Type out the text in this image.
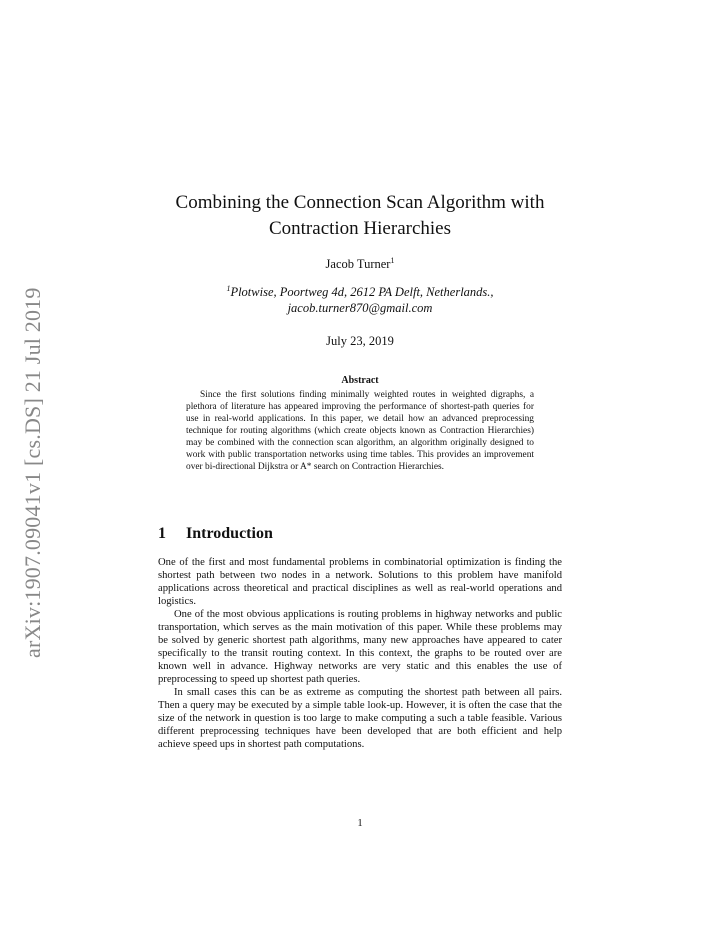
arXiv:1907.09041v1 [cs.DS] 21 Jul 2019
Combining the Connection Scan Algorithm with
Contraction Hierarchies
Jacob Turner$^1$
$^1$Plotwise, Poortweg 4d, 2612 PA Delft, Netherlands.,
jacob.turner870@gmail.com
July 23, 2019
Abstract
Since the first solutions finding minimally weighted routes in weighted digraphs, a plethora of literature has appeared improving the performance of shortest-path queries for use in real-world applications. In this paper, we detail how an advanced preprocessing technique for routing algorithms (which create objects known as Contraction Hierarchies) may be combined with the connection scan algorithm, an algorithm originally designed to work with public transportation networks using time tables. This provides an improvement over bi-directional Dijkstra or A* search on Contraction Hierarchies.
1 Introduction

One of the first and most fundamental problems in combinatorial optimization is finding the shortest path between two nodes in a network. Solutions to this problem have manifold applications across theoretical and practical disciplines as well as real-world operations and logistics.

One of the most obvious applications is routing problems in highway networks and public transportation, which serves as the main motivation of this paper. While these problems may be solved by generic shortest path algorithms, many new approaches have appeared to cater specifically to the transit routing context. In this context, the graphs to be routed over are known well in advance. Highway networks are very static and this enables the use of preprocessing to speed up shortest path queries.

In small cases this can be as extreme as computing the shortest path between all pairs. Then a query may be executed by a simple table look-up. However, it is often the case that the size of the network in question is too large to make computing a such a table feasible. Various different preprocessing techniques have been developed that are both efficient and help achieve speed ups in shortest path computations.

1
